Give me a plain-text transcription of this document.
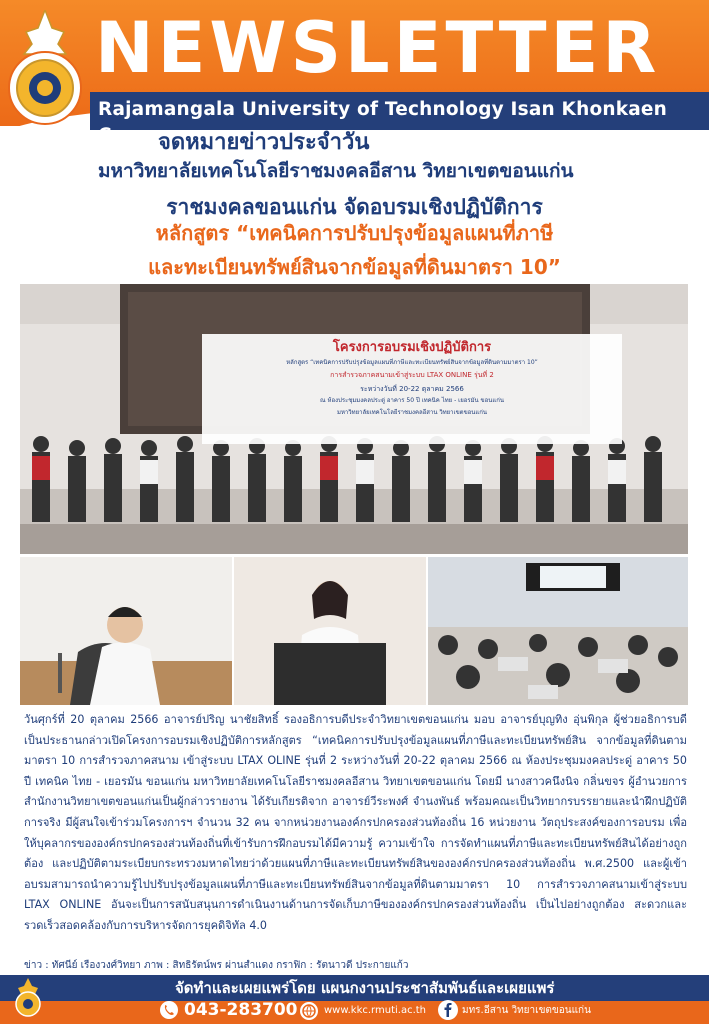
NEWSLETTER
Rajamangala University of Technology Isan Khonkaen Campus
จดหมายข่าวประจำวัน
มหาวิทยาลัยเทคโนโลยีราชมงคลอีสาน วิทยาเขตขอนแก่น
ราชมงคลขอนแก่น จัดอบรมเชิงปฏิบัติการ
หลักสูตร “เทคนิคการปรับปรุงข้อมูลแผนที่ภาษี
และทะเบียนทรัพย์สินจากข้อมูลที่ดินมาตรา 10”
โครงการอบรมเชิงปฏิบัติการ
หลักสูตร “เทคนิคการปรับปรุงข้อมูลแผนที่ภาษีและทะเบียนทรัพย์สินจากข้อมูลที่ดินตามมาตรา 10”
การสำรวจภาคสนามเข้าสู่ระบบ LTAX ONLINE รุ่นที่ 2
ระหว่างวันที่ 20-22 ตุลาคม 2566
ณ ห้องประชุมมงคลประดู่ อาคาร 50 ปี เทคนิค ไทย - เยอรมัน ขอนแก่น
มหาวิทยาลัยเทคโนโลยีราชมงคลอีสาน วิทยาเขตขอนแก่น
วันศุกร์ที่ 20 ตุลาคม 2566 อาจารย์ปริญ นาชัยสิทธิ์ รองอธิการบดีประจำวิทยาเขตขอนแก่น มอบ อาจารย์บุญทิง อุ่นพิกุล ผู้ช่วยอธิการบดี เป็นประธานกล่าวเปิดโครงการอบรมเชิงปฏิบัติการหลักสูตร “เทคนิคการปรับปรุงข้อมูลแผนที่ภาษีและทะเบียนทรัพย์สิน จากข้อมูลที่ดินตามมาตรา 10 การสำรวจภาคสนาม เข้าสู่ระบบ LTAX OLINE รุ่นที่ 2 ระหว่างวันที่ 20-22 ตุลาคม 2566 ณ ห้องประชุมมงคลประดู่ อาคาร 50 ปี เทคนิค ไทย - เยอรมัน ขอนแก่น มหาวิทยาลัยเทคโนโลยีราชมงคลอีสาน วิทยาเขตขอนแก่น โดยมี นางสาวคนึงนิจ กลิ่นขจร ผู้อำนวยการสำนักงานวิทยาเขตขอนแก่นเป็นผู้กล่าวรายงาน ได้รับเกียรติจาก อาจารย์วีระพงศ์ จำนงพันธ์ พร้อมคณะเป็นวิทยากรบรรยายและนำฝึกปฏิบัติการจริง มีผู้สนใจเข้าร่วมโครงการฯ จำนวน 32 คน จากหน่วยงานองค์กรปกครองส่วนท้องถิ่น 16 หน่วยงาน วัตถุประสงค์ของการอบรม เพื่อให้บุคลากรขององค์กรปกครองส่วนท้องถิ่นที่เข้ารับการฝึกอบรมได้มีความรู้ ความเข้าใจ การจัดทำแผนที่ภาษีและทะเบียนทรัพย์สินได้อย่างถูกต้อง และปฏิบัติตามระเบียบกระทรวงมหาดไทยว่าด้วยแผนที่ภาษีและทะเบียนทรัพย์สินขององค์กรปกครองส่วนท้องถิ่น พ.ศ.2500 และผู้เข้าอบรมสามารถนำความรู้ไปปรับปรุงข้อมูลแผนที่ภาษีและทะเบียนทรัพย์สินจากข้อมูลที่ดินตามมาตรา 10 การสำรวจภาคสนามเข้าสู่ระบบ LTAX ONLINE อันจะเป็นการสนับสนุนการดำเนินงานด้านการจัดเก็บภาษีขององค์กรปกครองส่วนท้องถิ่น เป็นไปอย่างถูกต้อง สะดวกและรวดเร็วสอดคล้องกับการบริหารจัดการยุคดิจิทัล 4.0
ข่าว : ทัศนีย์ เรืองวงศ์วิทยา ภาพ : สิทธิรัตน์พร ผ่านสำแดง กราฟิก : รัตนาวดี ประกายแก้ว
จัดทำและเผยแพร่โดย แผนกงานประชาสัมพันธ์และเผยแพร่
043-283700	www.kkc.rmuti.ac.th	มทร.อีสาน วิทยาเขตขอนแก่น
